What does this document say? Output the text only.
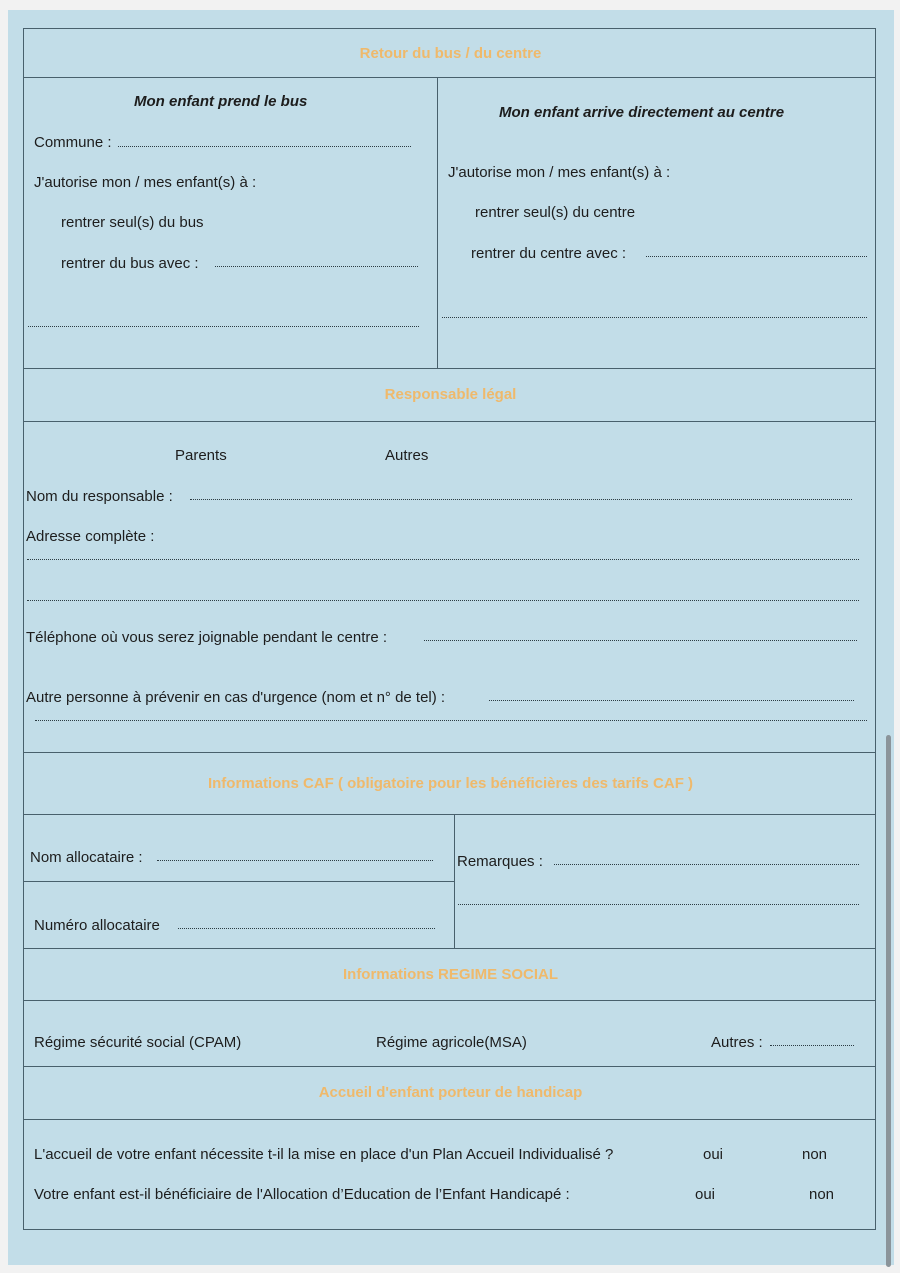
Retour du bus / du centre
Mon enfant prend le bus
Commune :
J'autorise mon / mes enfant(s) à :
rentrer seul(s) du bus
rentrer du bus avec :
Mon enfant arrive directement au centre
J'autorise mon / mes enfant(s) à :
rentrer seul(s) du centre
rentrer du centre avec :
Responsable légal
Parents	Autres
Nom du responsable :
Adresse complète :
Téléphone où vous serez joignable pendant le centre :
Autre personne à prévenir en cas d'urgence (nom et n° de tel) :
Informations CAF ( obligatoire pour les bénéficières des tarifs CAF )
Nom allocataire :
Numéro allocataire
Remarques :
Informations REGIME SOCIAL
Régime sécurité social (CPAM)	Régime agricole(MSA)	Autres :
Accueil d'enfant porteur de handicap
L'accueil de votre enfant nécessite t-il la mise en place d'un Plan Accueil Individualisé ?	oui	non
Votre enfant est-il bénéficiaire de l'Allocation d’Education de l’Enfant Handicapé :	oui	non
